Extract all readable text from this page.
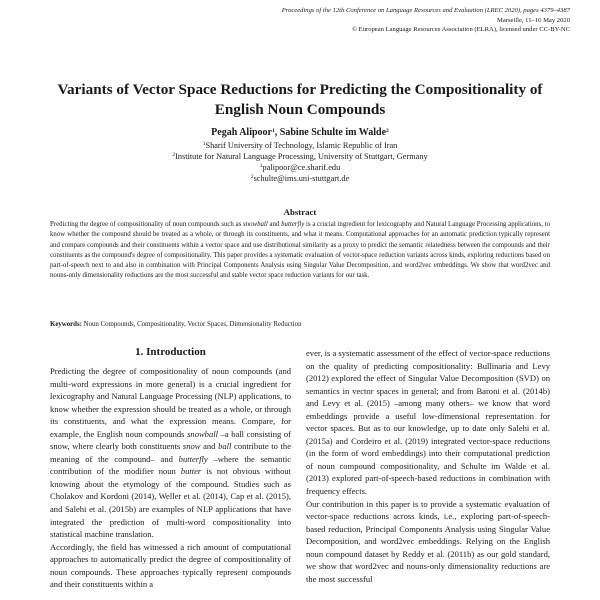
Proceedings of the 12th Conference on Language Resources and Evaluation (LREC 2020), pages 4379–4387
Marseille, 11–16 May 2020
© European Language Resources Association (ELRA), licensed under CC-BY-NC
Variants of Vector Space Reductions for Predicting the Compositionality of
English Noun Compounds
Pegah Alipoor$^1$, Sabine Schulte im Walde$^2$
$^1$Sharif University of Technology, Islamic Republic of Iran
$^2$Institute for Natural Language Processing, University of Stuttgart, Germany
$^1$palipoor@ce.sharif.edu
$^2$schulte@ims.uni-stuttgart.de
Abstract

Predicting the degree of compositionality of noun compounds such as snowball and butterfly is a crucial ingredient for lexicography and Natural Language Processing applications, to know whether the compound should be treated as a whole, or through its constituents, and what it means. Computational approaches for an automatic prediction typically represent and compare compounds and their constituents within a vector space and use distributional similarity as a proxy to predict the semantic relatedness between the compounds and their constituents as the compound's degree of compositionality. This paper provides a systematic evaluation of vector-space reduction variants across kinds, exploring reductions based on part-of-speech next to and also in combination with Principal Components Analysis using Singular Value Decomposition, and word2vec embeddings. We show that word2vec and nouns-only dimensionality reductions are the most successful and stable vector space reduction variants for our task.

Keywords: Noun Compounds, Compositionality, Vector Spaces, Dimensionality Reduction
1. Introduction

Predicting the degree of compositionality of noun compounds (and multi-word expressions in more general) is a crucial ingredient for lexicography and Natural Language Processing (NLP) applications, to know whether the expression should be treated as a whole, or through its constituents, and what the expression means. Compare, for example, the English noun compounds snowball –a ball consisting of snow, where clearly both constituents snow and ball contribute to the meaning of the compound– and butterfly –where the semantic contribution of the modifier noun butter is not obvious without knowing about the etymology of the compound. Studies such as Cholakov and Kordoni (2014), Weller et al. (2014), Cap et al. (2015), and Salehi et al. (2015b) are examples of NLP applications that have integrated the prediction of multi-word compositionality into statistical machine translation.

Accordingly, the field has witnessed a rich amount of computational approaches to automatically predict the degree of compositionality of noun compounds. These approaches typically represent compounds and their constituents within a

ever, is a systematic assessment of the effect of vector-space reductions on the quality of predicting compositionality: Bullinaria and Levy (2012) explored the effect of Singular Value Decomposition (SVD) on semantics in vector spaces in general; and from Baroni et al. (2014b) and Levy et al. (2015) –among many others– we know that word embeddings provide a useful low-dimensional representation for vector spaces. But as to our knowledge, up to date only Salehi et al. (2015a) and Cordeiro et al. (2019) integrated vector-space reductions (in the form of word embeddings) into their computational prediction of noun compound compositionality, and Schulte im Walde et al. (2013) explored part-of-speech-based reductions in combination with frequency effects.

Our contribution in this paper is to provide a systematic evaluation of vector-space reductions across kinds, i.e., exploring part-of-speech-based reduction, Principal Components Analysis using Singular Value Decomposition, and word2vec embeddings. Relying on the English noun compound dataset by Reddy et al. (2011b) as our gold standard, we show that word2vec and nouns-only dimensionality reductions are the most successful
